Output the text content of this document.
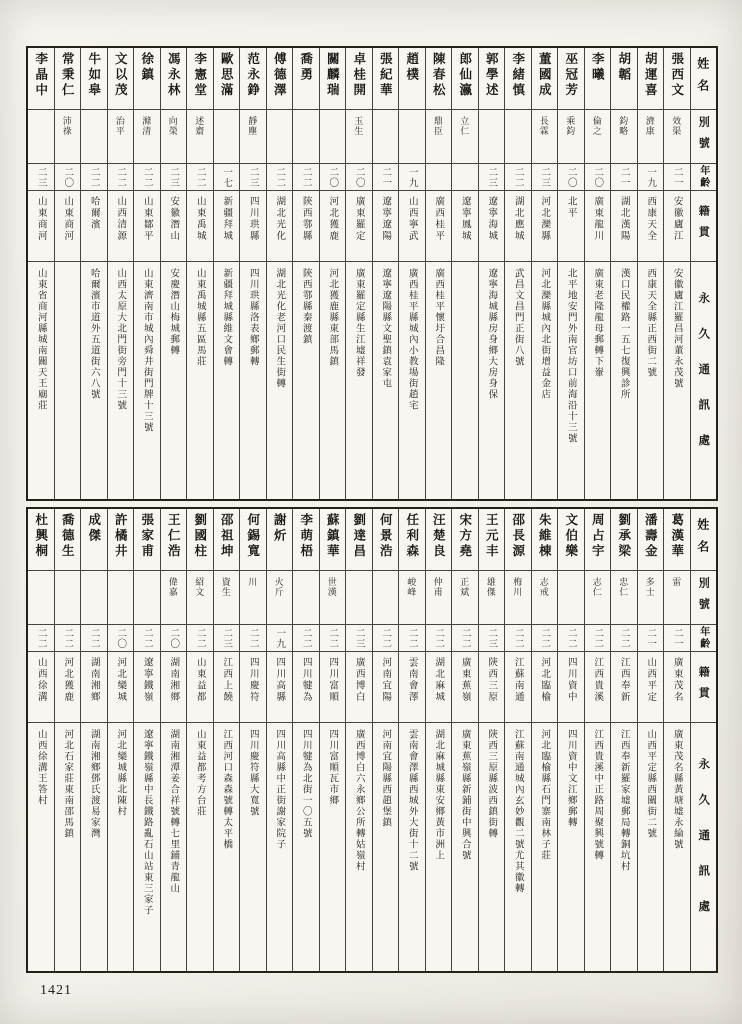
姓名
別號
年齡
籍貫
永久通訊處
張西文
效渠
二一
安徽廬江
安徽廬江羅昌河董永茂號
胡運喜
濟康
一九
西康天全
西康天全縣正西街二號
胡韜
鈞略
二一
湖北漢陽
漢口民權路一五七復興診所
李曦
倫之
二〇
廣東龍川
廣東老隆龍母郵轉下輋
巫冠芳
乘鈞
二〇
北平
北平地安門外南官坊口前海沿十三號
董國成
長霖
二三
河北灤縣
河北灤縣城內北街增益金店
李緒慎
二二
湖北應城
武昌文昌門正街八號
郭學述
二三
遼寧海城
遼寧海城縣房身鄉大房身保
郎仙瀛
立仁
遼寧鳳城
陳春松
鼎臣
廣西桂平
廣西桂平懷圩合昌隆
趙樸
一九
山西寧武
廣西桂平縣城內小教場街趙宅
張紀華
二一
遼寧遼陽
遼寧遼陽縣文聖鎮袁家屯
卓桂開
玉生
二〇
廣東羅定
廣東羅定縣生江墟祥發
關麟瑞
二〇
河北獲鹿
河北獲鹿縣東部馬鎮
喬勇
二二
陝西鄠縣
陝西鄠縣秦渡鎮
傅德澤
二二
湖北光化
湖北光化老河口民生街轉
范永錚
靜塵
二三
四川珙縣
四川珙縣洛表鄉郵轉
歐思滿
一七
新疆拜城
新疆拜城縣維文會轉
李憲堂
述齋
二二
山東禹城
山東禹城縣五區馬莊
馮永林
向榮
二三
安徽潛山
安慶潛山梅城郵轉
徐鎮
滌清
二二
山東鄒平
山東濟南市城內舜井街門牌十三號
文以茂
治平
二二
山西清源
山西太原大北門街旁門十三號
牛如皋
二二
哈爾濱
哈爾濱市道外五道街六八號
常秉仁
沛祿
二〇
山東商河
李晶中
二三
山東商河
山東省商河縣城南關天王廟莊
姓名
別號
年齡
籍貫
永久通訊處
葛漢華
雷
二一
廣東茂名
廣東茂名縣黃塘墟永綸號
潘壽金
多士
二一
山西平定
山西平定縣西關街二號
劉承梁
忠仁
二二
江西奉新
江西奉新羅家墟郵局轉銅坑村
周占宇
志仁
二二
江西貴溪
江西貴溪中正路周聚興號轉
文伯樂
二二
四川資中
四川資中文江鄉郵轉
朱維棟
志戒
二二
河北臨榆
河北臨榆縣石門寨南林子莊
邵長源
梅川
二二
江蘇南通
江蘇南通城內玄妙觀二號尤其徽轉
王元丰
雄傑
二三
陝西三原
陝西三原縣波西鎮街轉
宋方堯
正斌
二二
廣東蕉嶺
廣東蕉嶺縣新鋪街中興合號
汪楚良
仲甫
二二
湖北麻城
湖北麻城縣東安鄉黃市洲上
任利森
峻峰
二二
雲南會澤
雲南會澤縣西城外大街十二號
何景浩
二二
河南宜陽
河南宜陽縣西趙堡鎮
劉達昌
二三
廣西博白
廣西博白六永鄉公所轉姑嶺村
蘇鎮華
世漢
二二
四川富順
四川富順瓦市鄉
李萌梧
二二
四川犍為
四川犍為北街一〇五號
謝炘
火斤
一九
四川高縣
四川高縣中正街謝家院子
何錫寬
川
二二
四川慶符
四川慶符縣大寬號
邵祖坤
資生
二三
江西上饒
江西河口森森號轉太平橋
劉國柱
紹文
二二
山東益都
山東益都考方台莊
王仁浩
偉嘉
二〇
湖南湘鄉
湖南湘潭姜合祥號轉七里鋪青龍山
張家甫
二二
遼寧鐵嶺
遼寧鐵嶺縣中長鐵路亂石山站東三家子
許橘井
二〇
河北欒城
河北欒城縣北陳村
成傑
二二
湖南湘鄉
湖南湘鄉鄧氏渡易家灣
喬德生
二二
河北獲鹿
河北石家莊東南邵馬鎮
杜興桐
二二
山西徐溝
山西徐溝王答村
1421
